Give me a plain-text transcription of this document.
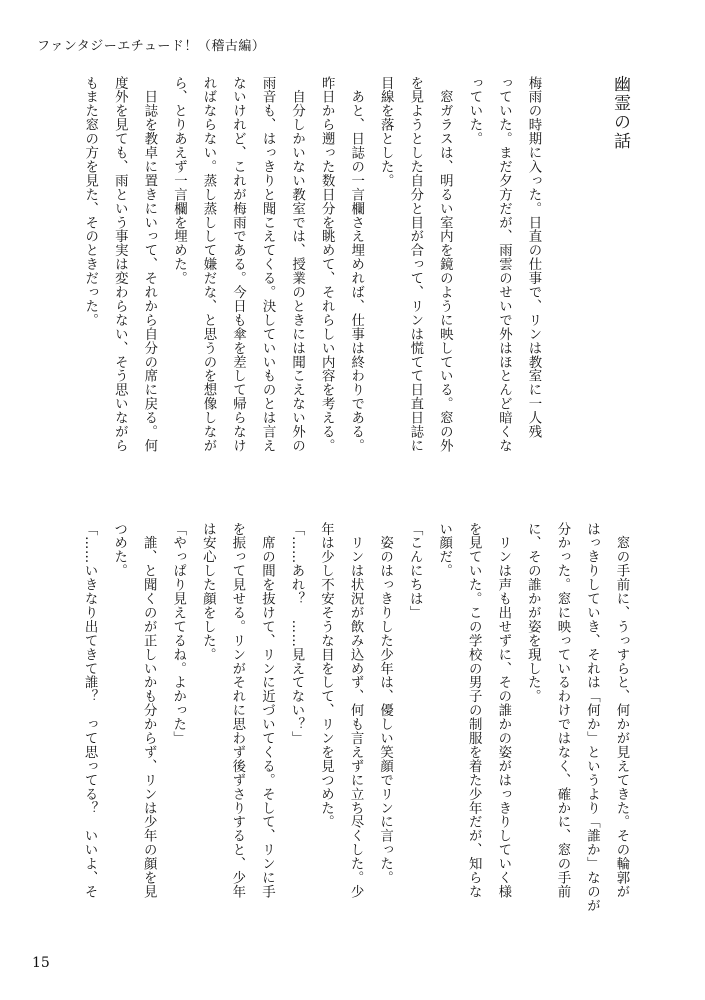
ファンタジーエチュード！（稽古編）
幽霊の話
梅雨の時期に入った。日直の仕事で、リンは教室に一人残
っていた。まだ夕方だが、雨雲のせいで外はほとんど暗くな
っていた。
　窓ガラスは、明るい室内を鏡のように映している。窓の外
を見ようとした自分と目が合って、リンは慌てて日直日誌に
目線を落とした。
　あと、日誌の一言欄さえ埋めれば、仕事は終わりである。
昨日から遡った数日分を眺めて、それらしい内容を考える。
　自分しかいない教室では、授業のときには聞こえない外の
雨音も、はっきりと聞こえてくる。決していいものとは言え
ないけれど、これが梅雨である。今日も傘を差して帰らなけ
ればならない。蒸し蒸しして嫌だな、と思うのを想像しなが
ら、とりあえず一言欄を埋めた。
　日誌を教卓に置きにいって、それから自分の席に戻る。何
度外を見ても、雨という事実は変わらない、そう思いながら
もまた窓の方を見た、そのときだった。
　窓の手前に、うっすらと、何かが見えてきた。その輪郭が
はっきりしていき、それは「何か」というより「誰か」なのが
分かった。窓に映っているわけではなく、確かに、窓の手前
に、その誰かが姿を現した。
　リンは声も出せずに、その誰かの姿がはっきりしていく様
を見ていた。この学校の男子の制服を着た少年だが、知らな
い顔だ。
「こんにちは」
　姿のはっきりした少年は、優しい笑顔でリンに言った。
　リンは状況が飲み込めず、何も言えずに立ち尽くした。少
年は少し不安そうな目をして、リンを見つめた。
「……あれ？　……見えてない？」
　席の間を抜けて、リンに近づいてくる。そして、リンに手
を振って見せる。リンがそれに思わず後ずさりすると、少年
は安心した顔をした。
「やっぱり見えてるね。よかった」
　誰、と聞くのが正しいかも分からず、リンは少年の顔を見
つめた。
「……いきなり出てきて誰？　って思ってる？　いいよ、そ
15
